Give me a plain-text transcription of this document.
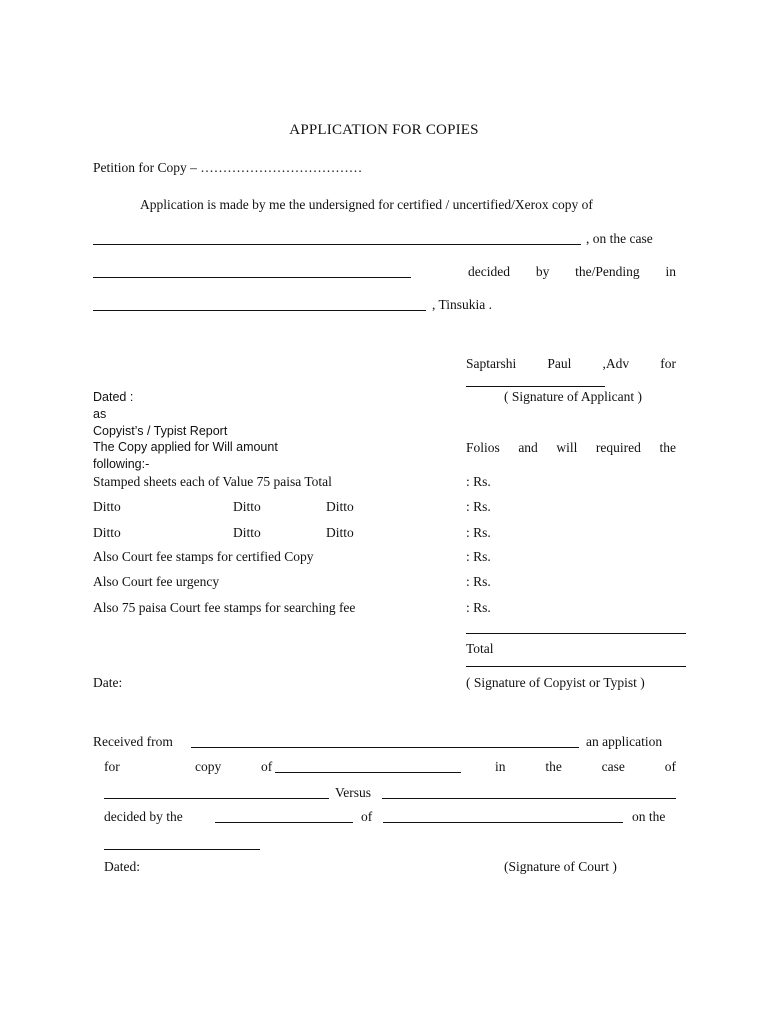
APPLICATION FOR COPIES
Petition for Copy – ………………………………
Application is made by me the undersigned for certified / uncertified/Xerox copy of
, on the case
decided by the/Pending in
, Tinsukia .
Saptarshi Paul ,Adv for
( Signature of Applicant )
Dated :
as
Copyist’s / Typist Report
The Copy applied for Will amount
following:-
Folios and will required the
Stamped sheets each of Value 75 paisa Total	: Rs.
Ditto	Ditto	Ditto	: Rs.
Ditto	Ditto	Ditto	: Rs.
Also Court fee stamps for certified Copy	: Rs.
Also Court fee urgency	: Rs.
Also 75 paisa Court fee stamps for searching fee	: Rs.
Total
Date:	( Signature of Copyist or Typist )
Received from	an application
for	copy	of	in	the	case	of
Versus
decided by the	of	on the
Dated:	(Signature of Court )
